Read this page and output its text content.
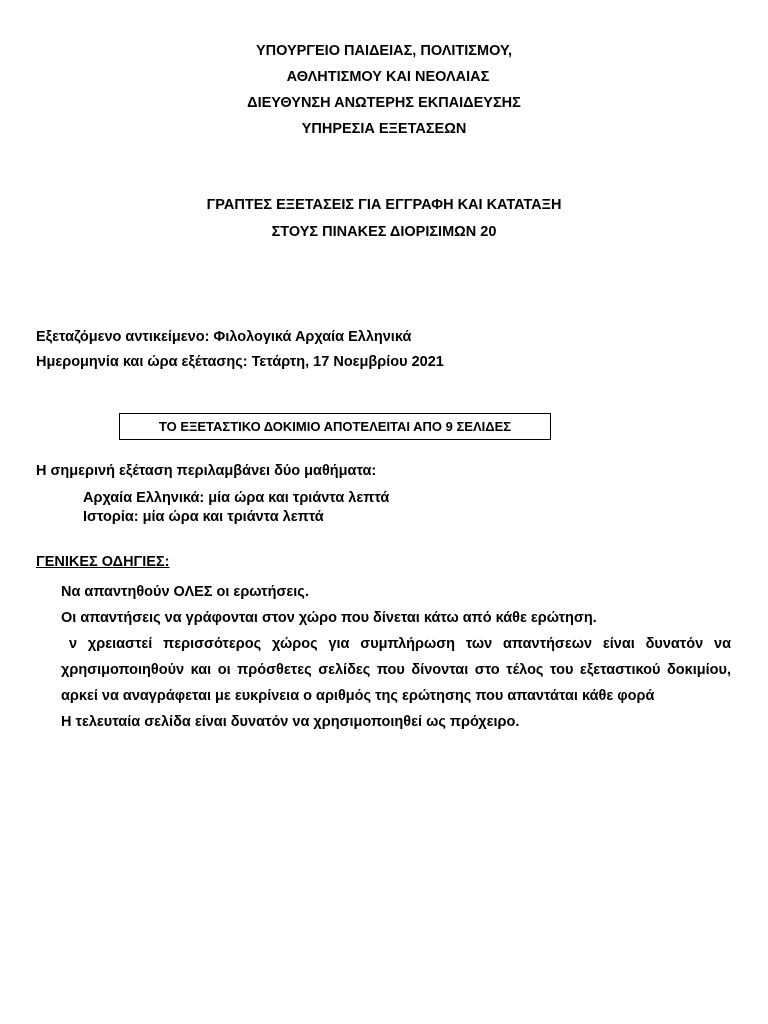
ΥΠΟΥΡΓΕΙΟ ΠΑΙΔΕΙΑΣ, ΠΟΛΙΤΙΣΜΟΥ,
ΑΘΛΗΤΙΣΜΟΥ ΚΑΙ ΝΕΟΛΑΙΑΣ
ΔΙΕΥΘΥΝΣΗ ΑΝΩΤΕΡΗΣ ΕΚΠΑΙΔΕΥΣΗΣ
ΥΠΗΡΕΣΙΑ ΕΞΕΤΑΣΕΩΝ
ΓΡΑΠΤΕΣ ΕΞΕΤΑΣΕΙΣ ΓΙΑ ΕΓΓΡΑΦΗ ΚΑΙ ΚΑΤΑΤΑΞΗ
ΣΤΟΥΣ ΠΙΝΑΚΕΣ ΔΙΟΡΙΣΙΜΩΝ 20
Εξεταζόμενο αντικείμενο: Φιλολογικά Αρχαία Ελληνικά
Ημερομηνία και ώρα εξέτασης: Τετάρτη, 17 Νοεμβρίου 2021
ΤΟ ΕΞΕΤΑΣΤΙΚΟ ΔΟΚΙΜΙΟ ΑΠΟΤΕΛΕΙΤΑΙ ΑΠΟ 9 ΣΕΛΙΔΕΣ
Η σημερινή εξέταση περιλαμβάνει δύο μαθήματα:
Αρχαία Ελληνικά: μία ώρα και τριάντα λεπτά
Ιστορία: μία ώρα και τριάντα λεπτά
ΓΕΝΙΚΕΣ ΟΔΗΓΙΕΣ:
Να απαντηθούν ΟΛΕΣ οι ερωτήσεις.
Οι απαντήσεις να γράφονται στον χώρο που δίνεται κάτω από κάθε ερώτηση.
ν χρειαστεί περισσότερος χώρος για συμπλήρωση των απαντήσεων είναι δυνατόν να χρησιμοποιηθούν και οι πρόσθετες σελίδες που δίνονται στο τέλος του εξεταστικού δοκιμίου, αρκεί να αναγράφεται με ευκρίνεια ο αριθμός της ερώτησης που απαντάται κάθε φορά
Η τελευταία σελίδα είναι δυνατόν να χρησιμοποιηθεί ως πρόχειρο.
